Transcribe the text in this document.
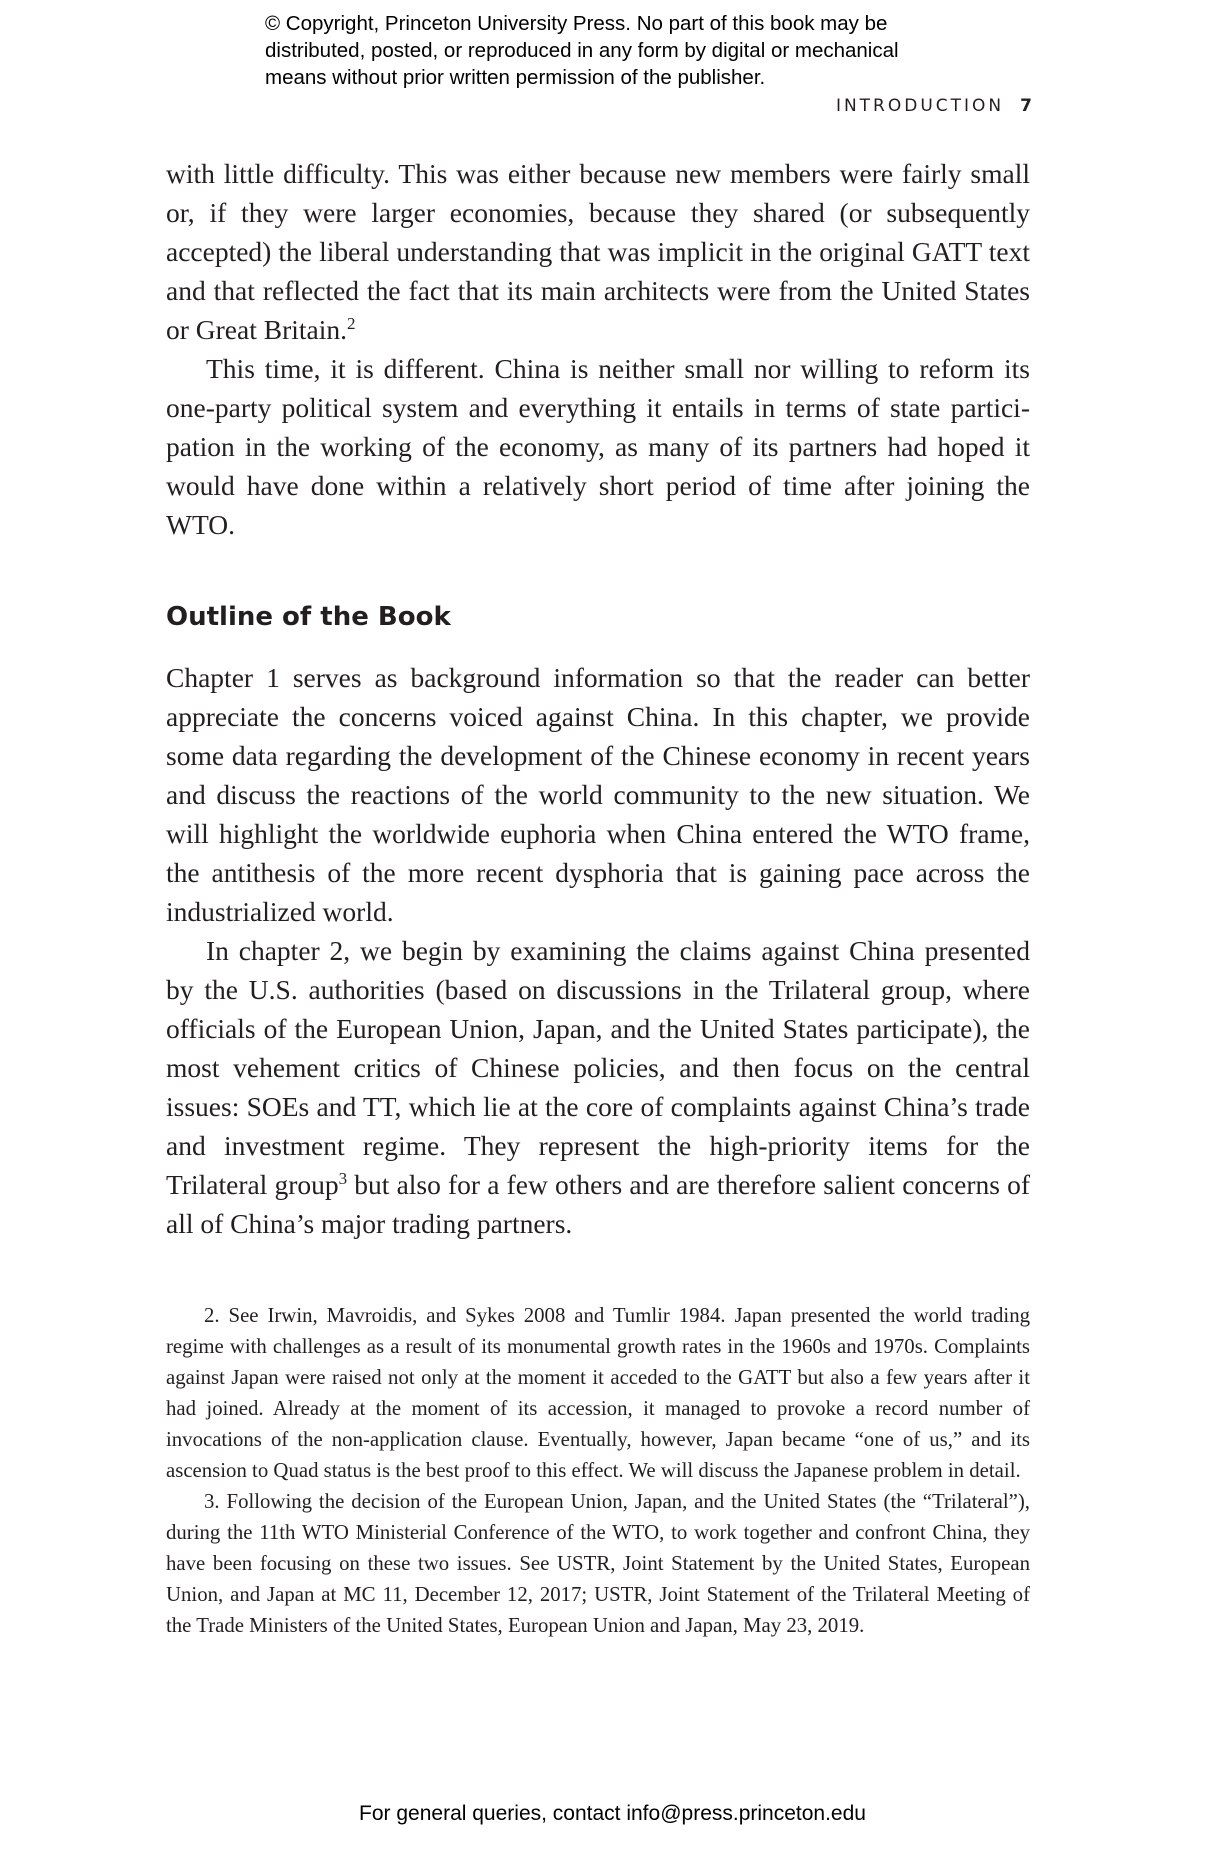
© Copyright, Princeton University Press. No part of this book may be
distributed, posted, or reproduced in any form by digital or mechanical
means without prior written permission of the publisher.
INTRODUCTION 7

with little difficulty. This was either because new members were fairly small or, if they were larger economies, because they shared (or subsequently accepted) the liberal understanding that was implicit in the original GATT text and that reflected the fact that its main architects were from the United States or Great Britain.$^2$

This time, it is different. China is neither small nor willing to reform its one-party political system and everything it entails in terms of state participation in the working of the economy, as many of its partners had hoped it would have done within a relatively short period of time after joining the WTO.

Outline of the Book

Chapter 1 serves as background information so that the reader can better appreciate the concerns voiced against China. In this chapter, we provide some data regarding the development of the Chinese economy in recent years and discuss the reactions of the world community to the new situation. We will highlight the worldwide euphoria when China entered the WTO frame, the antithesis of the more recent dysphoria that is gaining pace across the industrialized world.

In chapter 2, we begin by examining the claims against China presented by the U.S. authorities (based on discussions in the Trilateral group, where officials of the European Union, Japan, and the United States participate), the most vehement critics of Chinese policies, and then focus on the central issues: SOEs and TT, which lie at the core of complaints against China’s trade and investment regime. They represent the high-priority items for the Trilateral group$^3$ but also for a few others and are therefore salient concerns of all of China’s major trading partners.

2. See Irwin, Mavroidis, and Sykes 2008 and Tumlir 1984. Japan presented the world trading regime with challenges as a result of its monumental growth rates in the 1960s and 1970s. Complaints against Japan were raised not only at the moment it acceded to the GATT but also a few years after it had joined. Already at the moment of its accession, it managed to provoke a record number of invocations of the non-application clause. Eventually, however, Japan became “one of us,” and its ascension to Quad status is the best proof to this effect. We will discuss the Japanese problem in detail.

3. Following the decision of the European Union, Japan, and the United States (the “Trilateral”), during the 11th WTO Ministerial Conference of the WTO, to work together and confront China, they have been focusing on these two issues. See USTR, Joint Statement by the United States, European Union, and Japan at MC 11, December 12, 2017; USTR, Joint Statement of the Trilateral Meeting of the Trade Ministers of the United States, European Union and Japan, May 23, 2019.

For general queries, contact info@press.princeton.edu
